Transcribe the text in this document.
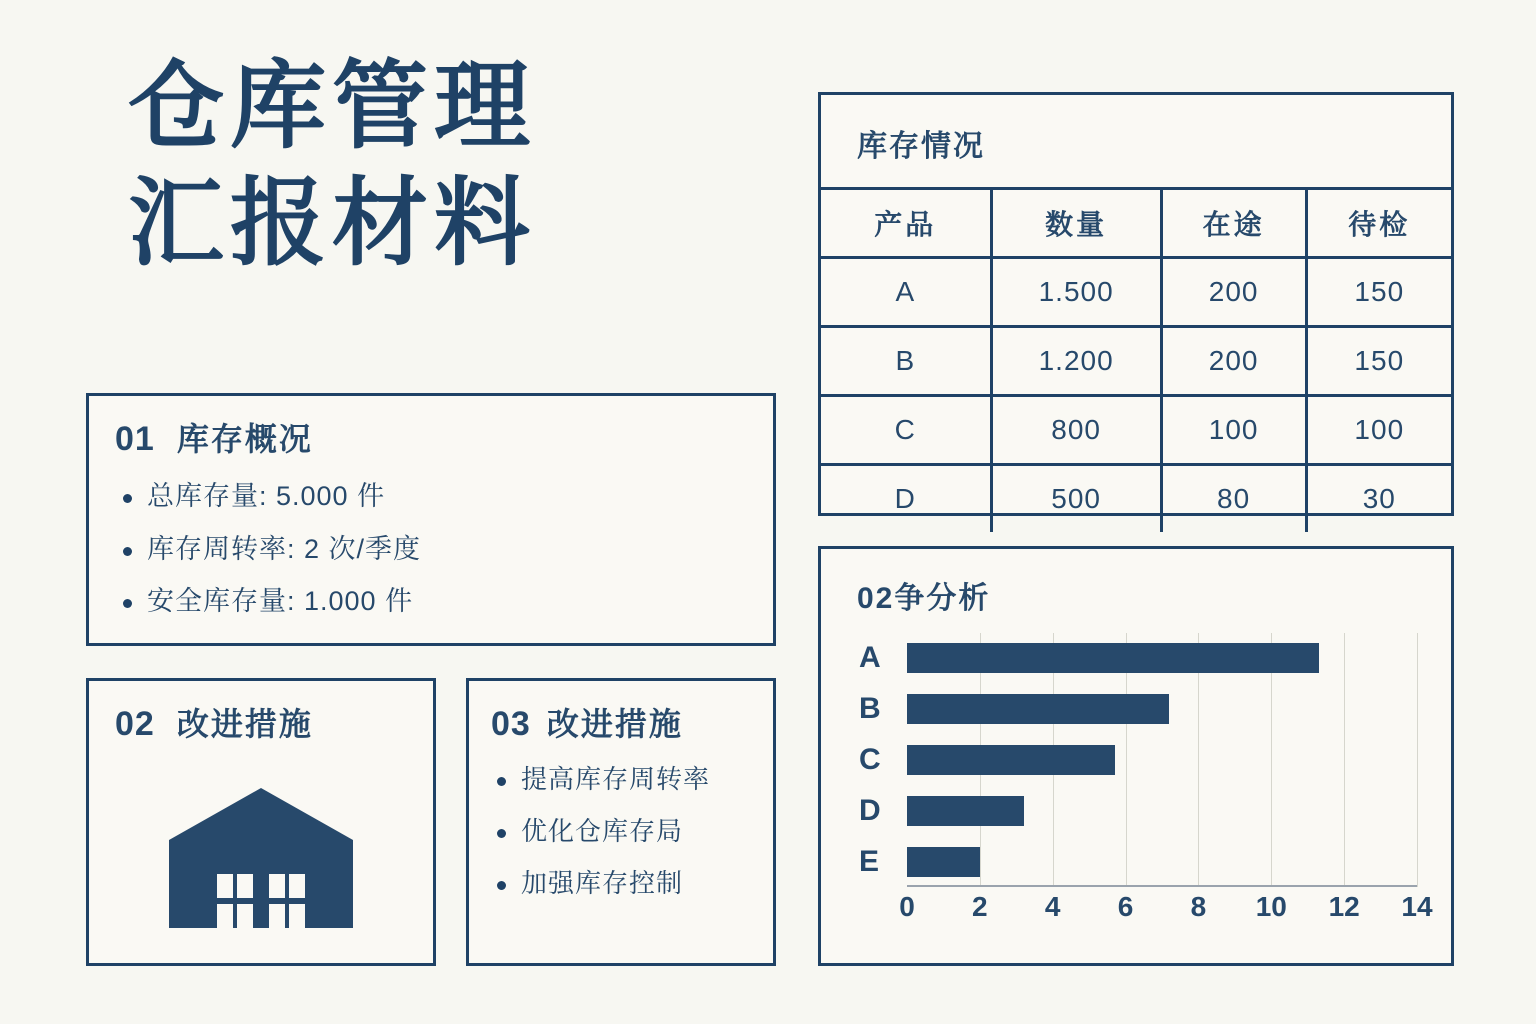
仓库管理
汇报材料
01 库存概况
总库存量: 5.000 件
库存周转率: 2 次/季度
安全库存量: 1.000 件
02 改进措施	03 改进措施
提高库存周转率
优化仓库存局
加强库存控制
库存情况
产品	数量	在途	待检
A	1.500	200	150
B	1.200	200	150
C	800	100	100
D	500	80	30
02争分析
A
B
C
D
E
0 2 4 6 8 10 12 14
